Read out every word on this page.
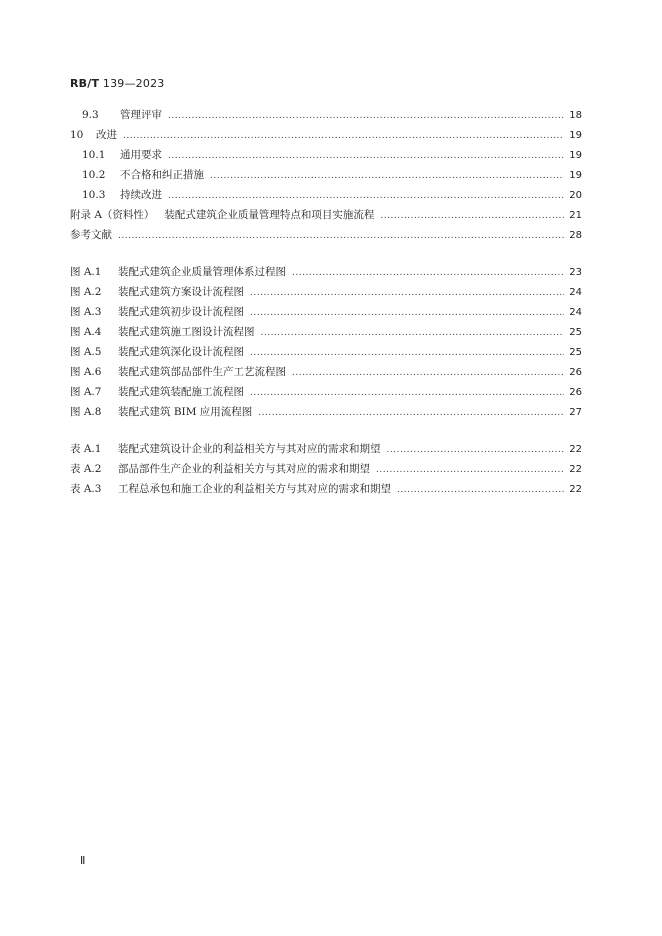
RB/T 139—2023
9.3	管理评审 .....	18
10	改进 .....	19
10.1	通用要求 .....	19
10.2	不合格和纠正措施 .....	19
10.3	持续改进 .....	20
附录 A（资料性） 装配式建筑企业质量管理特点和项目实施流程 .....	21
参考文献 .....	28
图 A.1	装配式建筑企业质量管理体系过程图 .....	23
图 A.2	装配式建筑方案设计流程图 .....	24
图 A.3	装配式建筑初步设计流程图 .....	24
图 A.4	装配式建筑施工图设计流程图 .....	25
图 A.5	装配式建筑深化设计流程图 .....	25
图 A.6	装配式建筑部品部件生产工艺流程图 .....	26
图 A.7	装配式建筑装配施工流程图 .....	26
图 A.8	装配式建筑 BIM 应用流程图 .....	27
表 A.1	装配式建筑设计企业的利益相关方与其对应的需求和期望 .....	22
表 A.2	部品部件生产企业的利益相关方与其对应的需求和期望 .....	22
表 A.3	工程总承包和施工企业的利益相关方与其对应的需求和期望 .....	22
Ⅱ
